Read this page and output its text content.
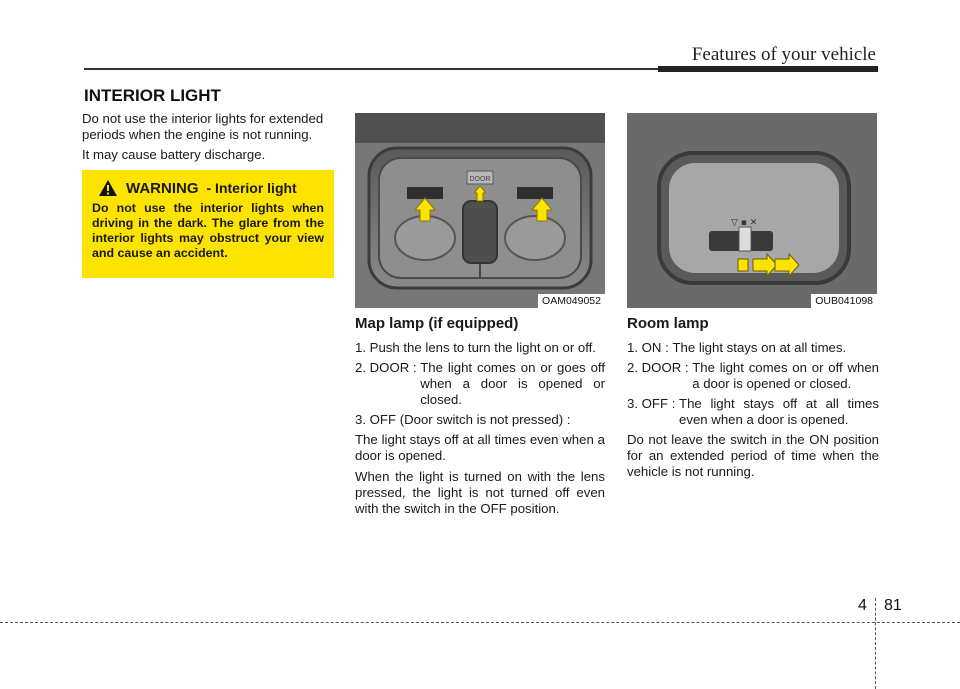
Features of your vehicle
INTERIOR LIGHT

Do not use the interior lights for extended periods when the engine is not running.

It may cause battery discharge.

WARNING - Interior light
Do not use the interior lights when driving in the dark. The glare from the interior lights may obstruct your view and cause an accident.
DOOR
OAM049052
▽ ▪ ✕
OUB041098
Map lamp (if equipped)
1. Push the lens to turn the light on or off.
2. DOOR : The light comes on or goes off when a door is opened or closed.
3. OFF (Door switch is not pressed) :

The light stays off at all times even when a door is opened.

When the light is turned on with the lens pressed, the light is not turned off even with the switch in the OFF position.

Room lamp
1. ON : The light stays on at all times.
2. DOOR : The light comes on or off when a door is opened or closed.
3. OFF : The light stays off at all times even when a door is opened.

Do not leave the switch in the ON position for an extended period of time when the vehicle is not running.

4 81
